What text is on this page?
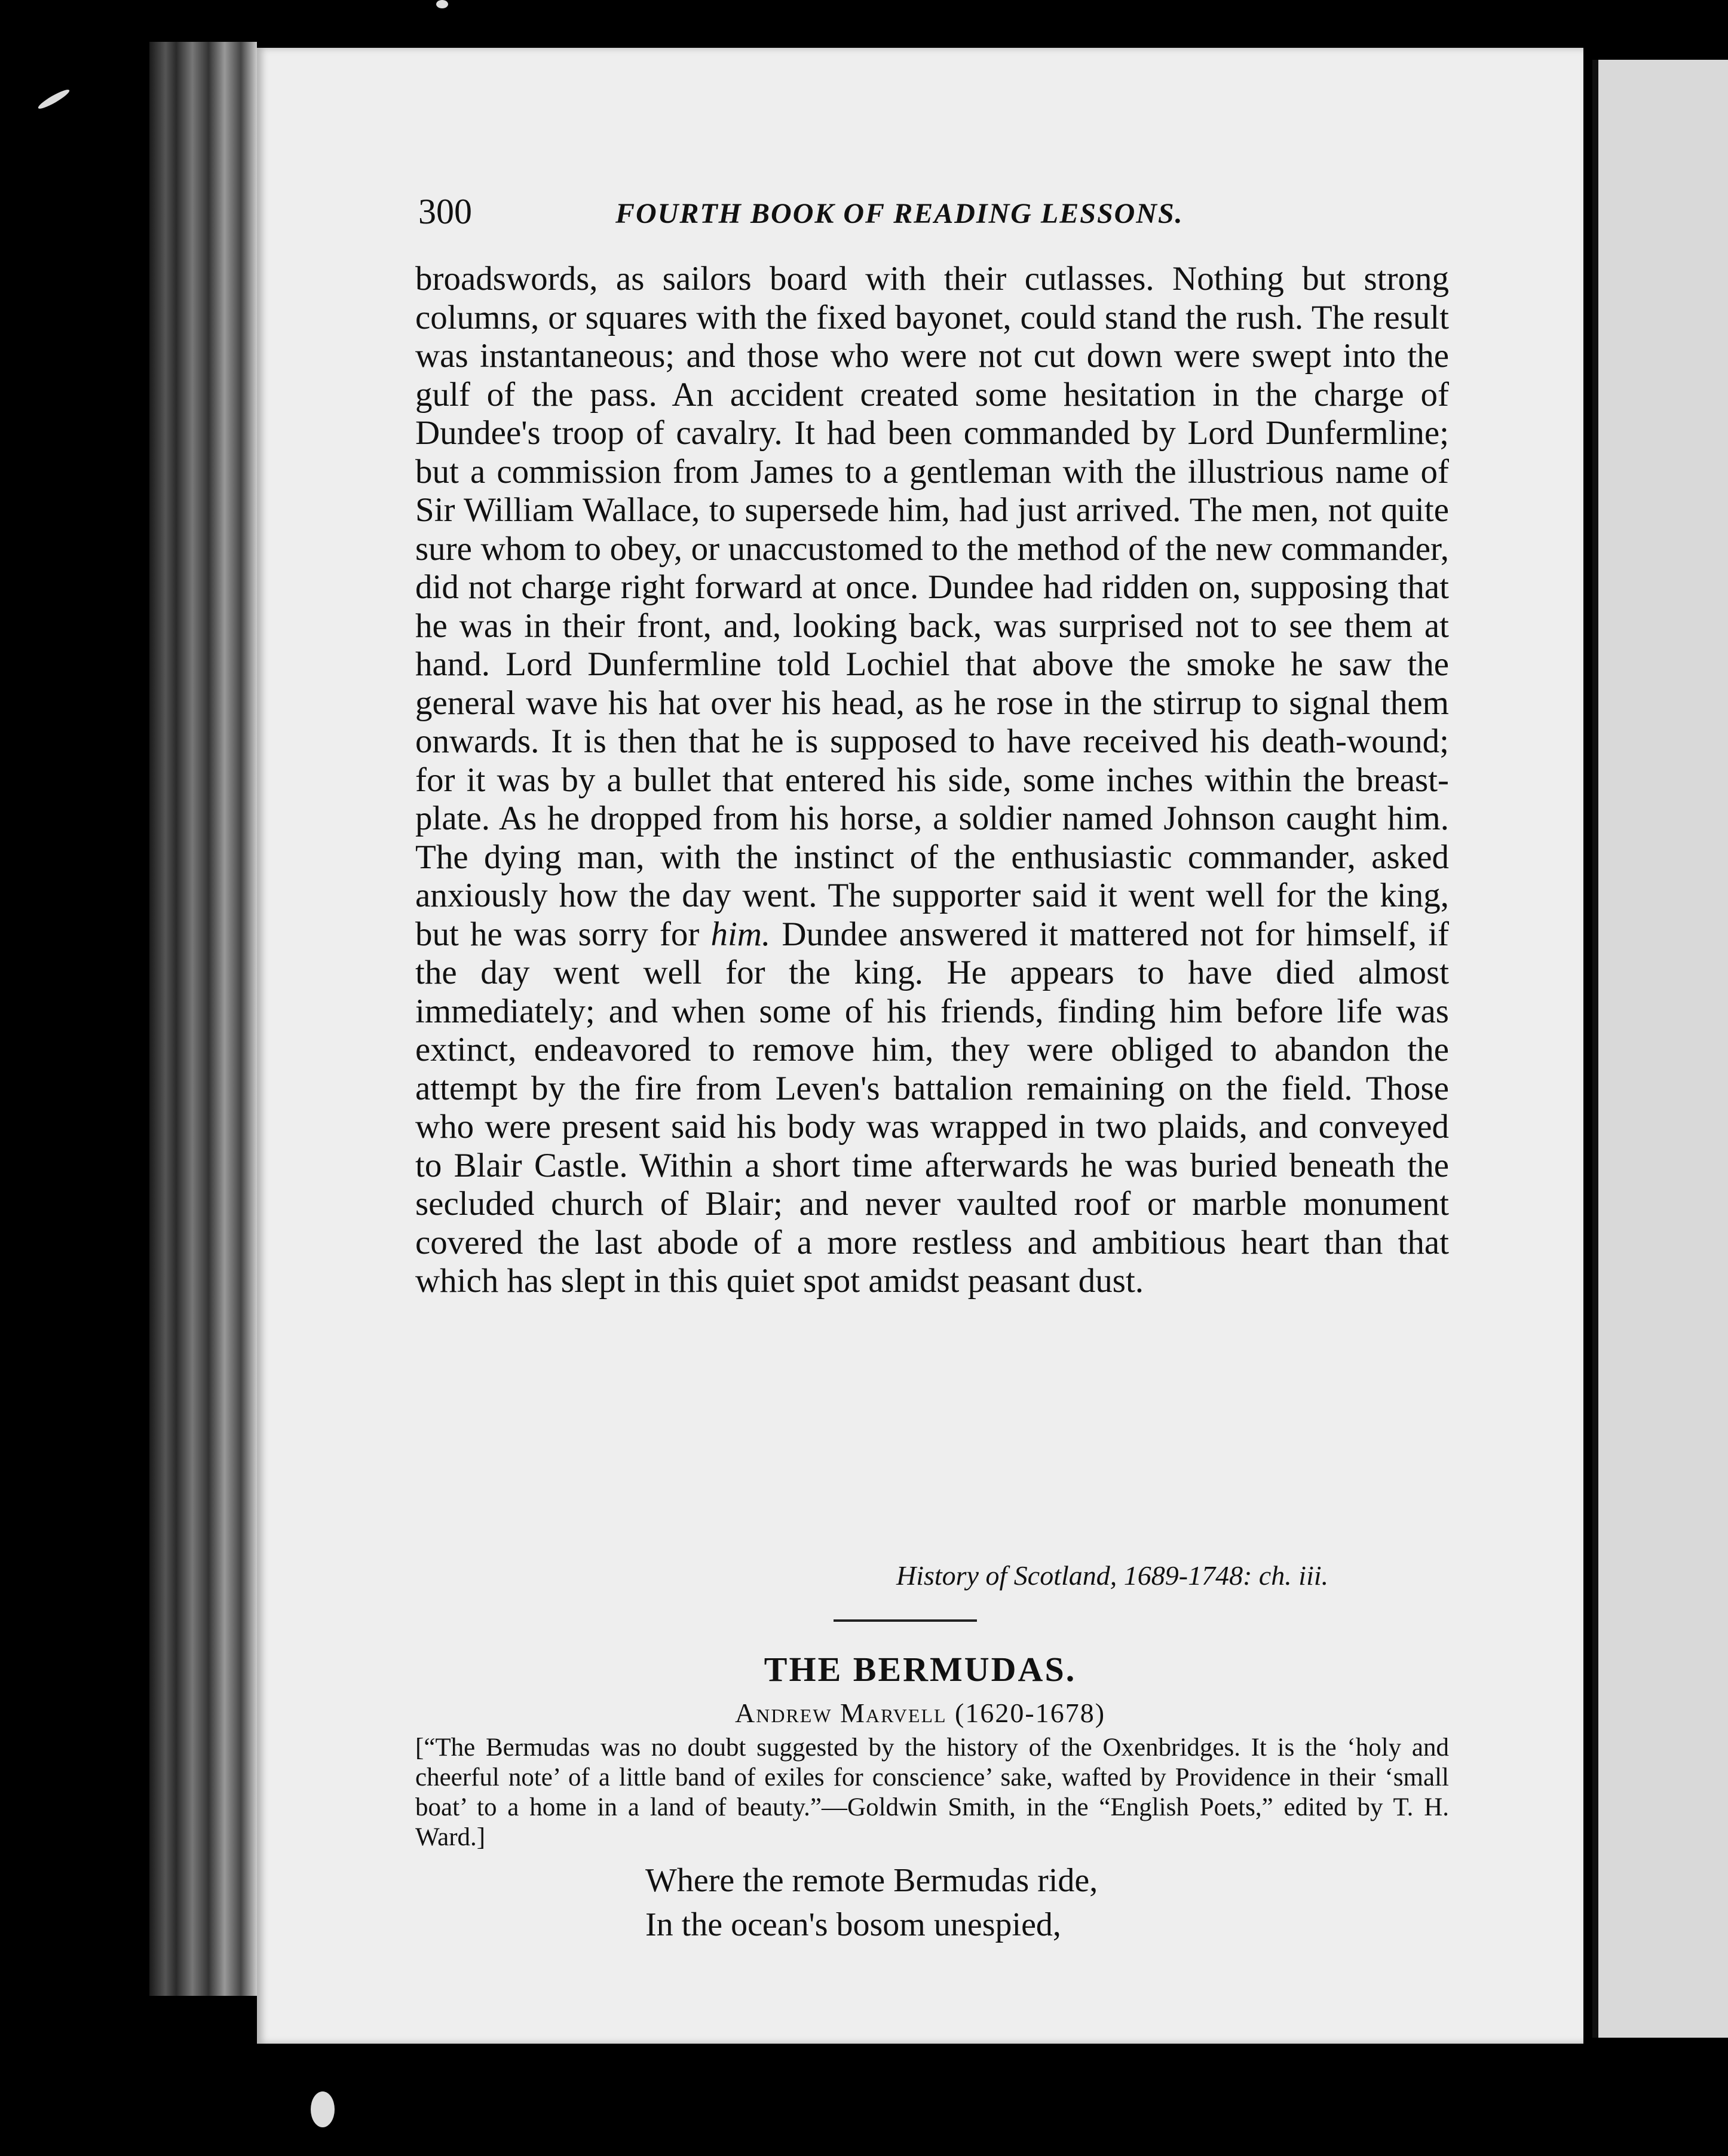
300	FOURTH BOOK OF READING LESSONS.

broadswords, as sailors board with their cutlasses. Nothing but strong columns, or squares with the fixed bayonet, could stand the rush. The result was instantaneous; and those who were not cut down were swept into the gulf of the pass. An accident created some hesitation in the charge of Dundee's troop of cavalry. It had been commanded by Lord Dunfermline; but a commission from James to a gentleman with the illustrious name of Sir William Wallace, to supersede him, had just arrived. The men, not quite sure whom to obey, or unaccustomed to the method of the new commander, did not charge right forward at once. Dundee had ridden on, supposing that he was in their front, and, looking back, was surprised not to see them at hand. Lord Dunfermline told Lochiel that above the smoke he saw the general wave his hat over his head, as he rose in the stirrup to signal them onwards. It is then that he is supposed to have received his death-wound; for it was by a bullet that entered his side, some inches within the breast-plate. As he dropped from his horse, a soldier named Johnson caught him. The dying man, with the instinct of the enthusiastic commander, asked anxiously how the day went. The supporter said it went well for the king, but he was sorry for him. Dundee answered it mattered not for himself, if the day went well for the king. He appears to have died almost immediately; and when some of his friends, finding him before life was extinct, endeavored to remove him, they were obliged to abandon the attempt by the fire from Leven's battalion remaining on the field. Those who were present said his body was wrapped in two plaids, and conveyed to Blair Castle. Within a short time afterwards he was buried beneath the secluded church of Blair; and never vaulted roof or marble monument covered the last abode of a more restless and ambitious heart than that which has slept in this quiet spot amidst peasant dust.

History of Scotland, 1689-1748: ch. iii.
THE BERMUDAS.
Andrew Marvell (1620-1678)

[“The Bermudas was no doubt suggested by the history of the Oxenbridges. It is the ‘holy and cheerful note’ of a little band of exiles for conscience’ sake, wafted by Providence in their ‘small boat’ to a home in a land of beauty.”—Goldwin Smith, in the “English Poets,” edited by T. H. Ward.]

Where the remote Bermudas ride,
In the ocean's bosom unespied,
